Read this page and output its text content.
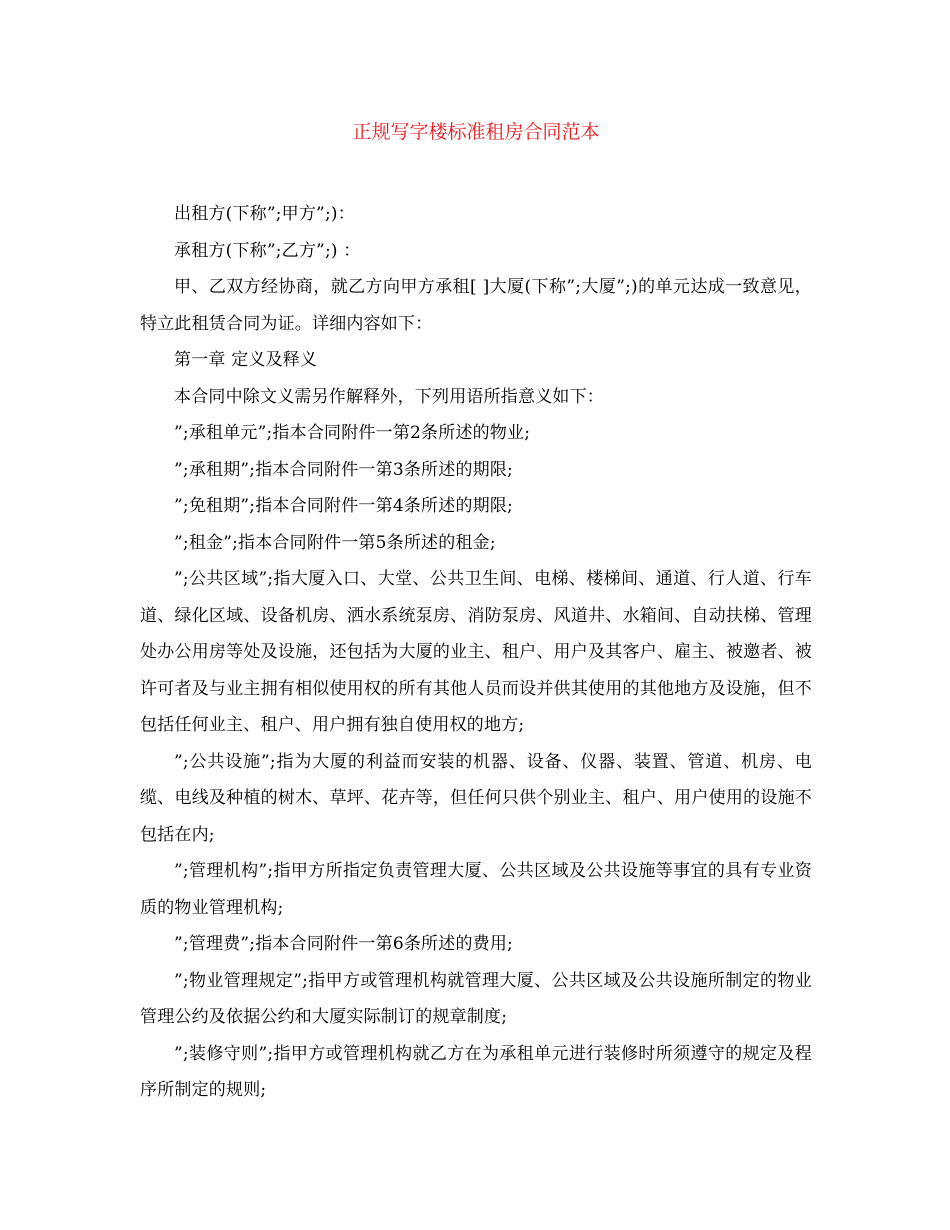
正规写字楼标准租房合同范本

出租方(下称”;甲方”;)：

承租方(下称”;乙方”;) ：

甲、乙双方经协商，就乙方向甲方承租[ ]大厦(下称”;大厦”;)的单元达成一致意见，特立此租赁合同为证。详细内容如下：

第一章 定义及释义

本合同中除文义需另作解释外，下列用语所指意义如下：

”;承租单元”;指本合同附件一第2条所述的物业;

”;承租期”;指本合同附件一第3条所述的期限;

”;免租期”;指本合同附件一第4条所述的期限;

”;租金”;指本合同附件一第5条所述的租金;

”;公共区域”;指大厦入口、大堂、公共卫生间、电梯、楼梯间、通道、行人道、行车道、绿化区域、设备机房、洒水系统泵房、消防泵房、风道井、水箱间、自动扶梯、管理处办公用房等处及设施，还包括为大厦的业主、租户、用户及其客户、雇主、被邀者、被许可者及与业主拥有相似使用权的所有其他人员而设并供其使用的其他地方及设施，但不包括任何业主、租户、用户拥有独自使用权的地方;

”;公共设施”;指为大厦的利益而安装的机器、设备、仪器、装置、管道、机房、电缆、电线及种植的树木、草坪、花卉等，但任何只供个别业主、租户、用户使用的设施不包括在内;

”;管理机构”;指甲方所指定负责管理大厦、公共区域及公共设施等事宜的具有专业资质的物业管理机构;

”;管理费”;指本合同附件一第6条所述的费用;

”;物业管理规定”;指甲方或管理机构就管理大厦、公共区域及公共设施所制定的物业管理公约及依据公约和大厦实际制订的规章制度;

”;装修守则”;指甲方或管理机构就乙方在为承租单元进行装修时所须遵守的规定及程序所制定的规则;
